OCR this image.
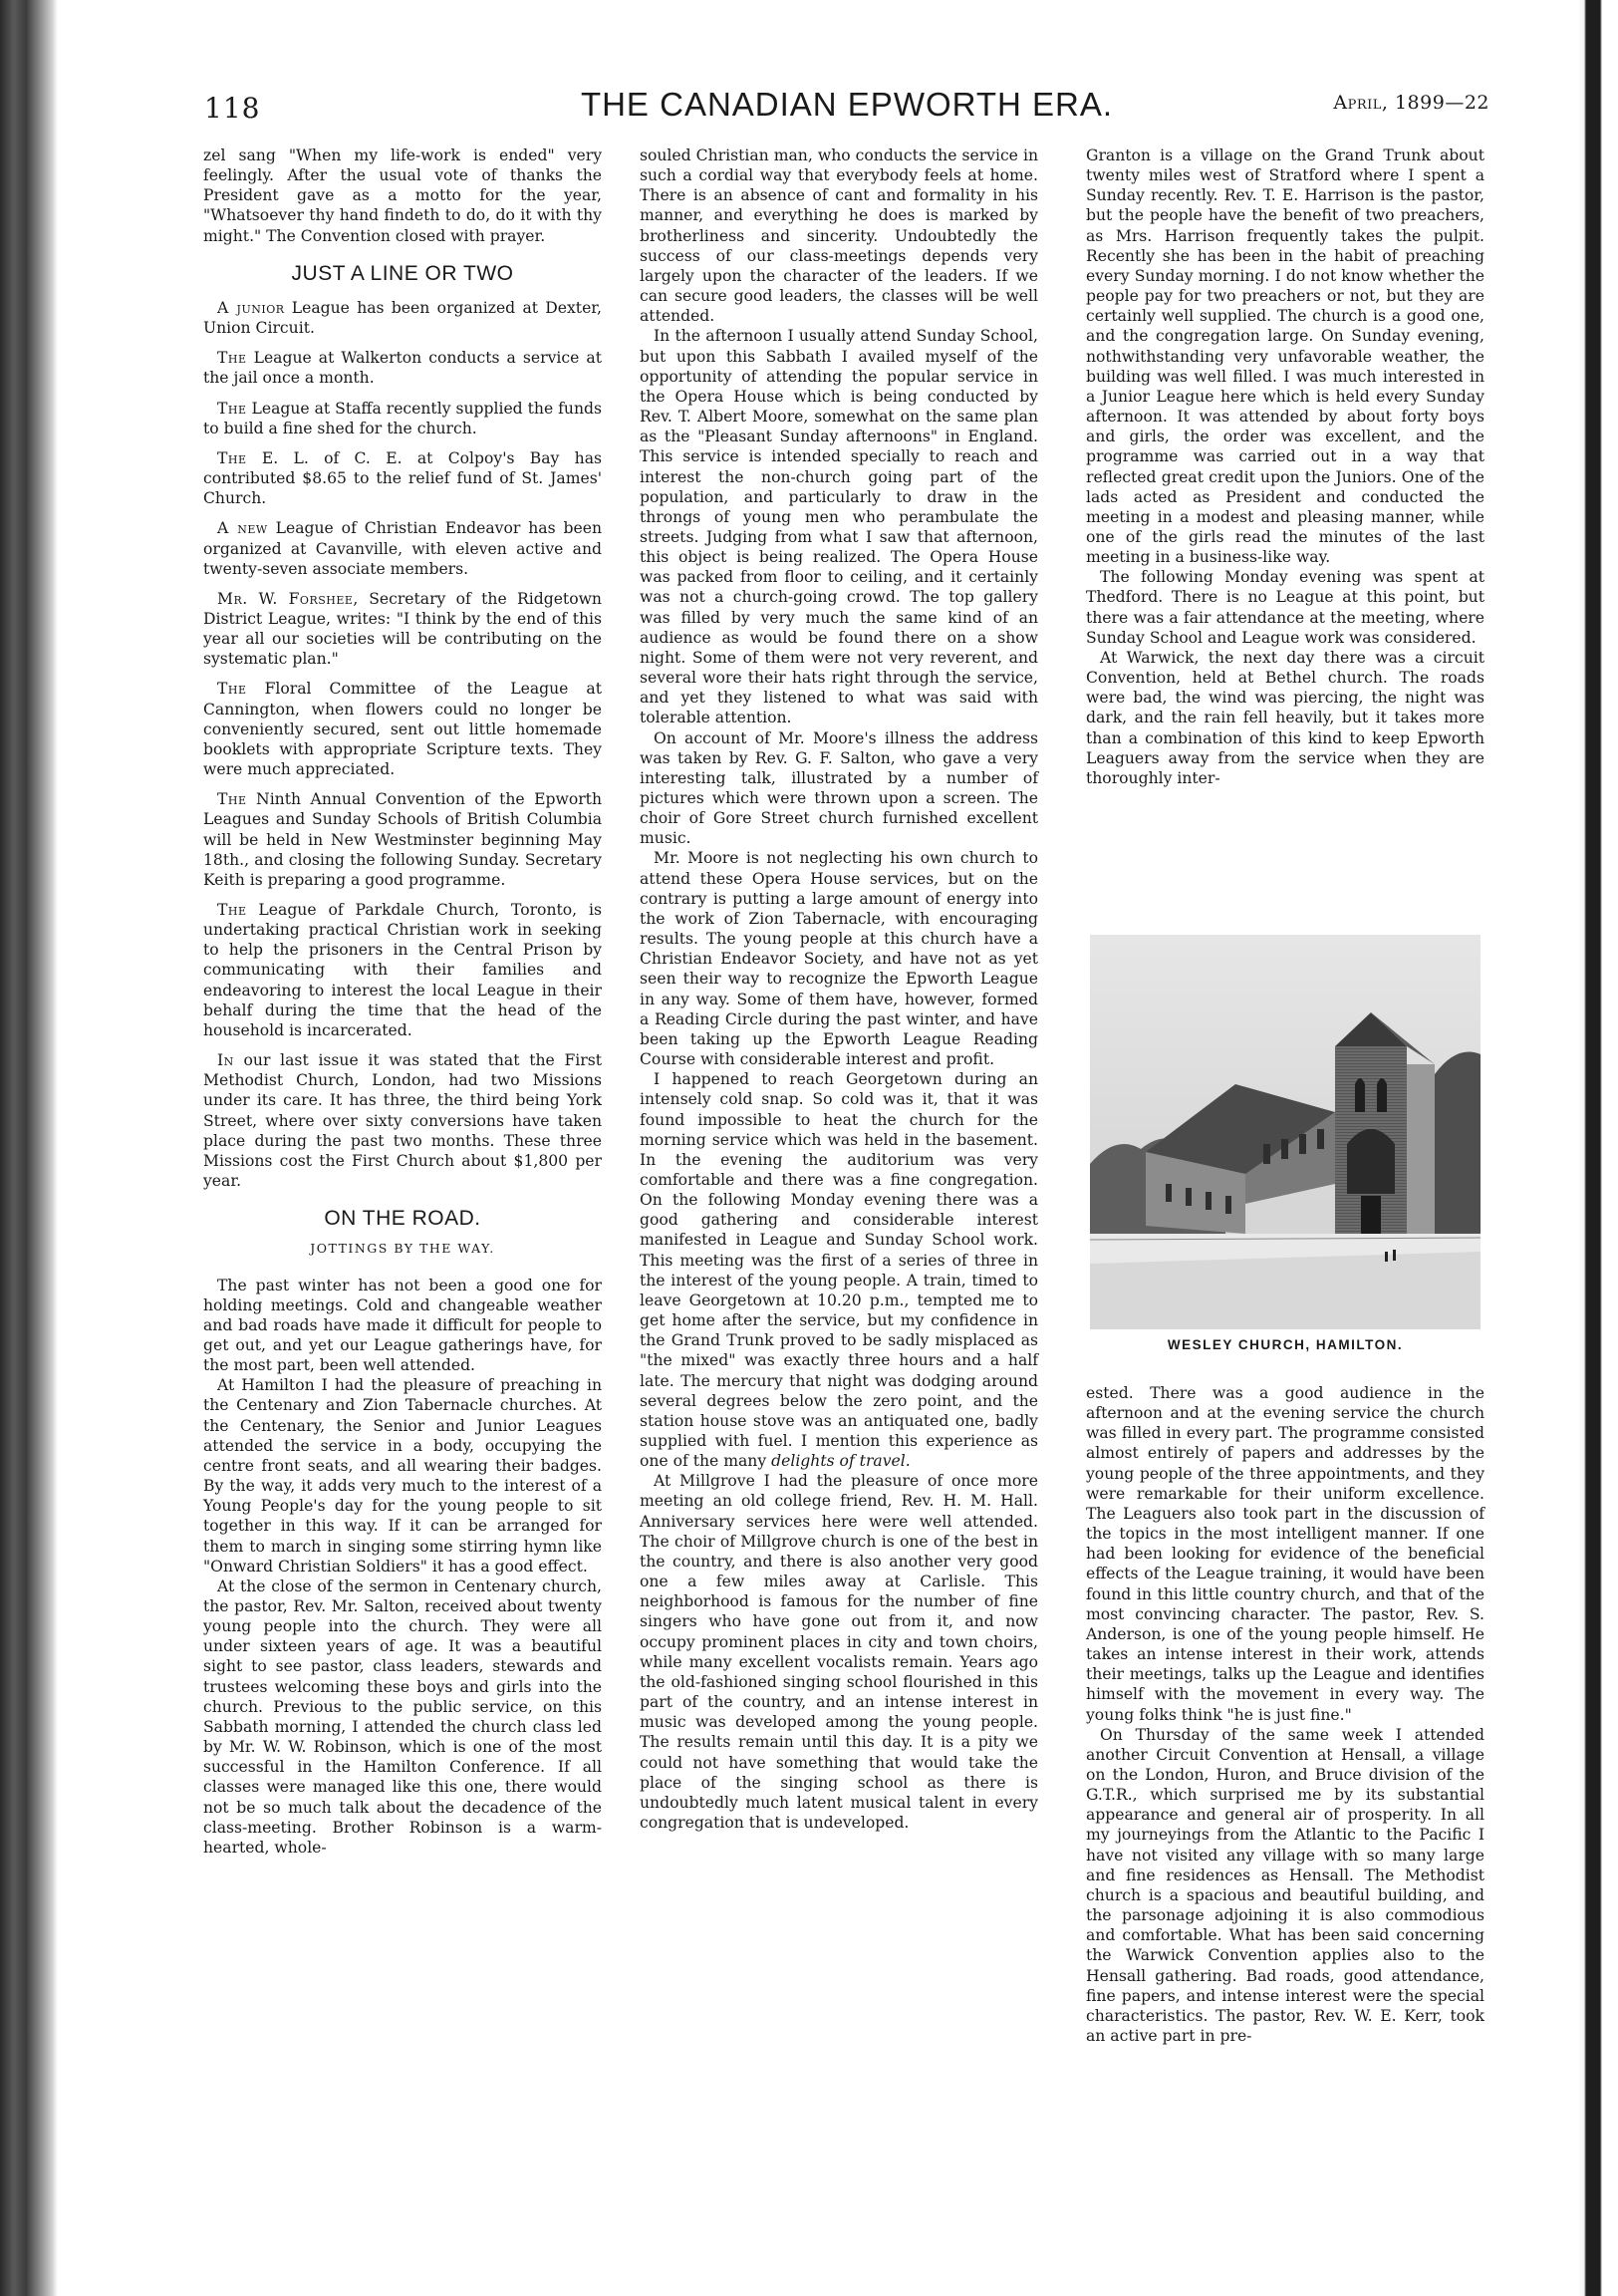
118	THE CANADIAN EPWORTH ERA.	April, 1899—22

zel sang "When my life-work is ended" very feelingly. After the usual vote of thanks the President gave as a motto for the year, "Whatsoever thy hand findeth to do, do it with thy might." The Convention closed with prayer.

JUST A LINE OR TWO

A junior League has been organized at Dexter, Union Circuit.

The League at Walkerton conducts a service at the jail once a month.

The League at Staffa recently supplied the funds to build a fine shed for the church.

The E. L. of C. E. at Colpoy's Bay has contributed $8.65 to the relief fund of St. James' Church.

A new League of Christian Endeavor has been organized at Cavanville, with eleven active and twenty-seven associate members.

Mr. W. Forshee, Secretary of the Ridgetown District League, writes: "I think by the end of this year all our societies will be contributing on the systematic plan."

The Floral Committee of the League at Cannington, when flowers could no longer be conveniently secured, sent out little homemade booklets with appropriate Scripture texts. They were much appreciated.

The Ninth Annual Convention of the Epworth Leagues and Sunday Schools of British Columbia will be held in New Westminster beginning May 18th., and closing the following Sunday. Secretary Keith is preparing a good programme.

The League of Parkdale Church, Toronto, is undertaking practical Christian work in seeking to help the prisoners in the Central Prison by communicating with their families and endeavoring to interest the local League in their behalf during the time that the head of the household is incarcerated.

In our last issue it was stated that the First Methodist Church, London, had two Missions under its care. It has three, the third being York Street, where over sixty conversions have taken place during the past two months. These three Missions cost the First Church about $1,800 per year.

ON THE ROAD.
JOTTINGS BY THE WAY.

The past winter has not been a good one for holding meetings. Cold and changeable weather and bad roads have made it difficult for people to get out, and yet our League gatherings have, for the most part, been well attended.

At Hamilton I had the pleasure of preaching in the Centenary and Zion Tabernacle churches. At the Centenary, the Senior and Junior Leagues attended the service in a body, occupying the centre front seats, and all wearing their badges. By the way, it adds very much to the interest of a Young People's day for the young people to sit together in this way. If it can be arranged for them to march in singing some stirring hymn like "Onward Christian Soldiers" it has a good effect.

At the close of the sermon in Centenary church, the pastor, Rev. Mr. Salton, received about twenty young people into the church. They were all under sixteen years of age. It was a beautiful sight to see pastor, class leaders, stewards and trustees welcoming these boys and girls into the church. Previous to the public service, on this Sabbath morning, I attended the church class led by Mr. W. W. Robinson, which is one of the most successful in the Hamilton Conference. If all classes were managed like this one, there would not be so much talk about the decadence of the class-meeting. Brother Robinson is a warm-hearted, whole-

souled Christian man, who conducts the service in such a cordial way that everybody feels at home. There is an absence of cant and formality in his manner, and everything he does is marked by brotherliness and sincerity. Undoubtedly the success of our class-meetings depends very largely upon the character of the leaders. If we can secure good leaders, the classes will be well attended.

In the afternoon I usually attend Sunday School, but upon this Sabbath I availed myself of the opportunity of attending the popular service in the Opera House which is being conducted by Rev. T. Albert Moore, somewhat on the same plan as the "Pleasant Sunday afternoons" in England. This service is intended specially to reach and interest the non-church going part of the population, and particularly to draw in the throngs of young men who perambulate the streets. Judging from what I saw that afternoon, this object is being realized. The Opera House was packed from floor to ceiling, and it certainly was not a church-going crowd. The top gallery was filled by very much the same kind of an audience as would be found there on a show night. Some of them were not very reverent, and several wore their hats right through the service, and yet they listened to what was said with tolerable attention.

On account of Mr. Moore's illness the address was taken by Rev. G. F. Salton, who gave a very interesting talk, illustrated by a number of pictures which were thrown upon a screen. The choir of Gore Street church furnished excellent music.

Mr. Moore is not neglecting his own church to attend these Opera House services, but on the contrary is putting a large amount of energy into the work of Zion Tabernacle, with encouraging results. The young people at this church have a Christian Endeavor Society, and have not as yet seen their way to recognize the Epworth League in any way. Some of them have, however, formed a Reading Circle during the past winter, and have been taking up the Epworth League Reading Course with considerable interest and profit.

I happened to reach Georgetown during an intensely cold snap. So cold was it, that it was found impossible to heat the church for the morning service which was held in the basement. In the evening the auditorium was very comfortable and there was a fine congregation. On the following Monday evening there was a good gathering and considerable interest manifested in League and Sunday School work. This meeting was the first of a series of three in the interest of the young people. A train, timed to leave Georgetown at 10.20 p.m., tempted me to get home after the service, but my confidence in the Grand Trunk proved to be sadly misplaced as "the mixed" was exactly three hours and a half late. The mercury that night was dodging around several degrees below the zero point, and the station house stove was an antiquated one, badly supplied with fuel. I mention this experience as one of the many delights of travel.

At Millgrove I had the pleasure of once more meeting an old college friend, Rev. H. M. Hall. Anniversary services here were well attended. The choir of Millgrove church is one of the best in the country, and there is also another very good one a few miles away at Carlisle. This neighborhood is famous for the number of fine singers who have gone out from it, and now occupy prominent places in city and town choirs, while many excellent vocalists remain. Years ago the old-fashioned singing school flourished in this part of the country, and an intense interest in music was developed among the young people. The results remain until this day. It is a pity we could not have something that would take the place of the singing school as there is undoubtedly much latent musical talent in every congregation that is undeveloped.

Granton is a village on the Grand Trunk about twenty miles west of Stratford where I spent a Sunday recently. Rev. T. E. Harrison is the pastor, but the people have the benefit of two preachers, as Mrs. Harrison frequently takes the pulpit. Recently she has been in the habit of preaching every Sunday morning. I do not know whether the people pay for two preachers or not, but they are certainly well supplied. The church is a good one, and the congregation large. On Sunday evening, nothwithstanding very unfavorable weather, the building was well filled. I was much interested in a Junior League here which is held every Sunday afternoon. It was attended by about forty boys and girls, the order was excellent, and the programme was carried out in a way that reflected great credit upon the Juniors. One of the lads acted as President and conducted the meeting in a modest and pleasing manner, while one of the girls read the minutes of the last meeting in a business-like way.

The following Monday evening was spent at Thedford. There is no League at this point, but there was a fair attendance at the meeting, where Sunday School and League work was considered.

At Warwick, the next day there was a circuit Convention, held at Bethel church. The roads were bad, the wind was piercing, the night was dark, and the rain fell heavily, but it takes more than a combination of this kind to keep Epworth Leaguers away from the service when they are thoroughly inter-

WESLEY CHURCH, HAMILTON.

ested. There was a good audience in the afternoon and at the evening service the church was filled in every part. The programme consisted almost entirely of papers and addresses by the young people of the three appointments, and they were remarkable for their uniform excellence. The Leaguers also took part in the discussion of the topics in the most intelligent manner. If one had been looking for evidence of the beneficial effects of the League training, it would have been found in this little country church, and that of the most convincing character. The pastor, Rev. S. Anderson, is one of the young people himself. He takes an intense interest in their work, attends their meetings, talks up the League and identifies himself with the movement in every way. The young folks think "he is just fine."

On Thursday of the same week I attended another Circuit Convention at Hensall, a village on the London, Huron, and Bruce division of the G.T.R., which surprised me by its substantial appearance and general air of prosperity. In all my journeyings from the Atlantic to the Pacific I have not visited any village with so many large and fine residences as Hensall. The Methodist church is a spacious and beautiful building, and the parsonage adjoining it is also commodious and comfortable. What has been said concerning the Warwick Convention applies also to the Hensall gathering. Bad roads, good attendance, fine papers, and intense interest were the special characteristics. The pastor, Rev. W. E. Kerr, took an active part in pre-
